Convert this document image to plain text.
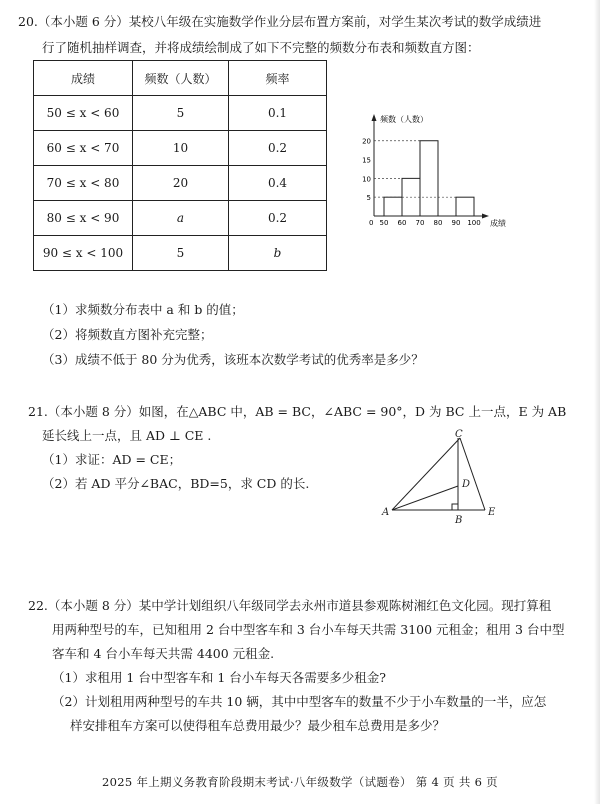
20.（本小题 6 分）某校八年级在实施数学作业分层布置方案前，对学生某次考试的数学成绩进
行了随机抽样调查，并将成绩绘制成了如下不完整的频数分布表和频数直方图：
成绩	频数（人数）	频率
50 ≤ x < 60	5	0.1
60 ≤ x < 70	10	0.2
70 ≤ x < 80	20	0.4
80 ≤ x < 90	a	0.2
90 ≤ x < 100	5	b
频数（人数）
成绩
0
5
10
15
20
50 60 70 80 90 100
（1）求频数分布表中 a 和 b 的值；
（2）将频数直方图补充完整；
（3）成绩不低于 80 分为优秀，该班本次数学考试的优秀率是多少？
21.（本小题 8 分）如图，在△ABC 中，AB = BC，∠ABC = 90°，D 为 BC 上一点，E 为 AB
延长线上一点，且 AD ⊥ CE .
（1）求证：AD = CE；
（2）若 AD 平分∠BAC，BD=5，求 CD 的长.
C
D
A
B
E
22.（本小题 8 分）某中学计划组织八年级同学去永州市道县参观陈树湘红色文化园。现打算租
用两种型号的车，已知租用 2 台中型客车和 3 台小车每天共需 3100 元租金；租用 3 台中型
客车和 4 台小车每天共需 4400 元租金.
（1）求租用 1 台中型客车和 1 台小车每天各需要多少租金?
（2）计划租用两种型号的车共 10 辆，其中中型客车的数量不少于小车数量的一半，应怎
样安排租车方案可以使得租车总费用最少？最少租车总费用是多少？
2025 年上期义务教育阶段期末考试·八年级数学（试题卷） 第 4 页 共 6 页
